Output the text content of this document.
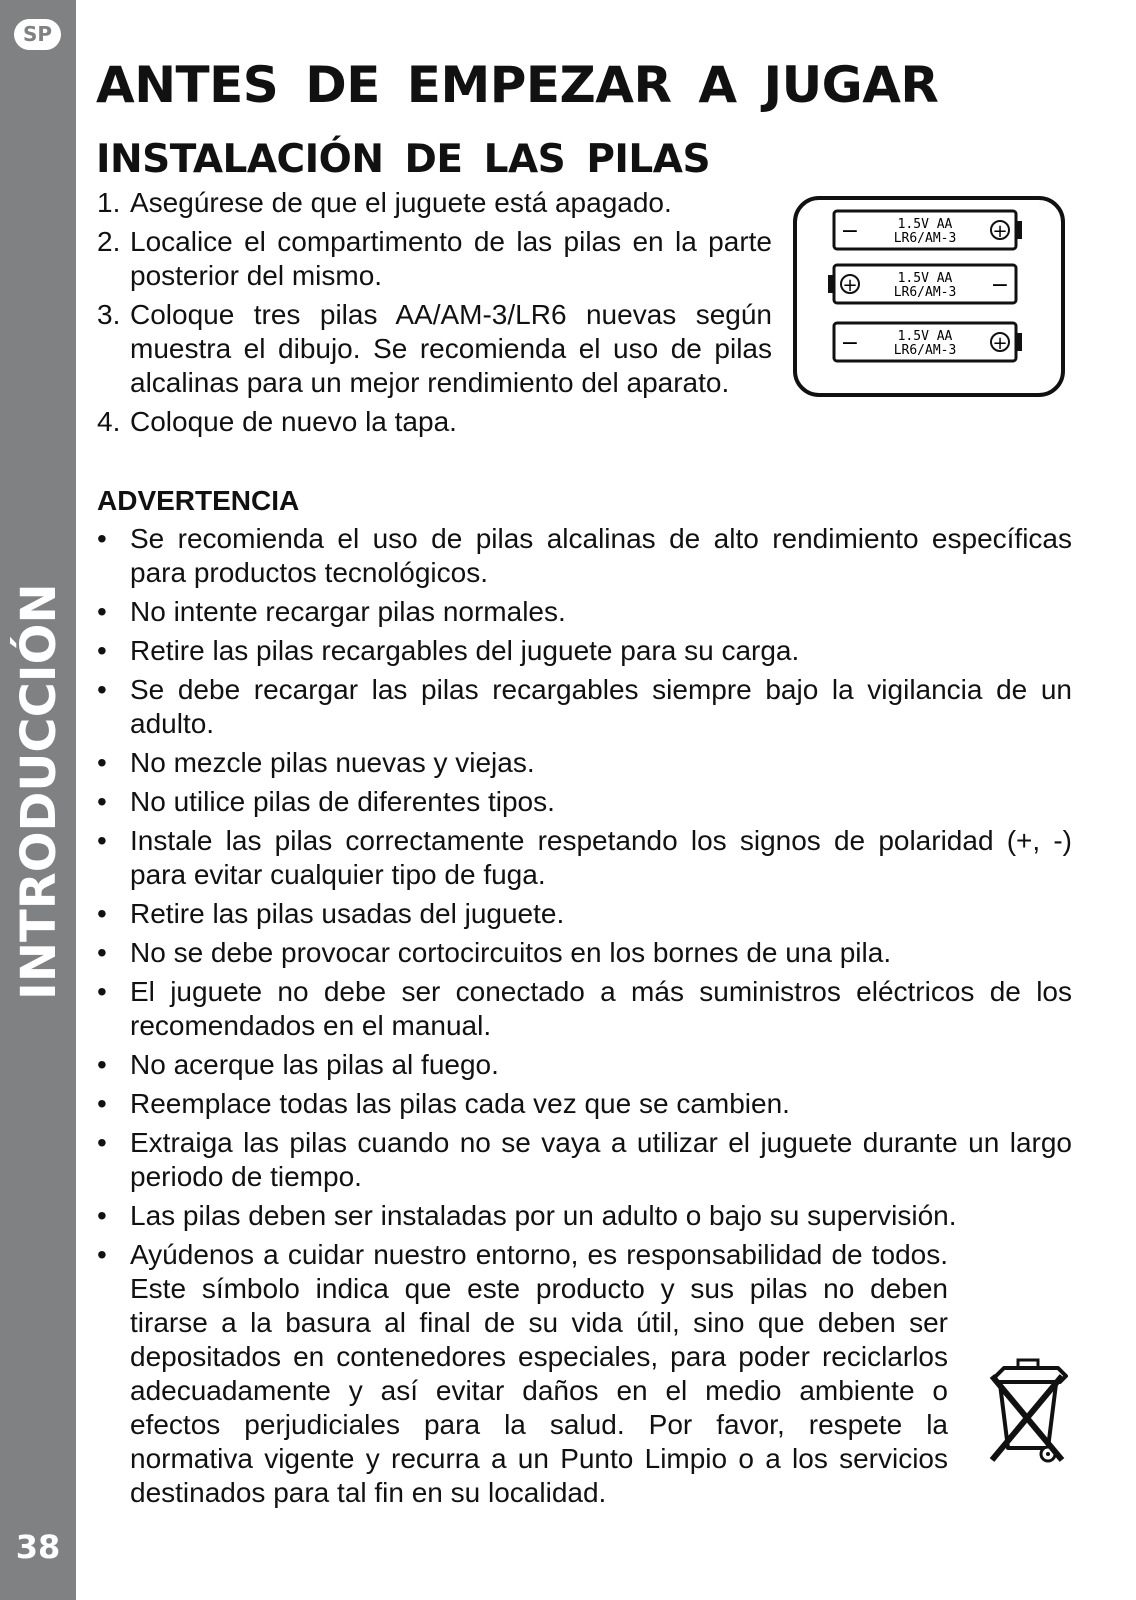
SP
INTRODUCCIÓN
38
ANTES DE EMPEZAR A JUGAR
INSTALACIÓN DE LAS PILAS
1. Asegúrese de que el juguete está apagado.
2. Localice el compartimento de las pilas en la parte posterior del mismo.
3. Coloque tres pilas AA/AM-3/LR6 nuevas según muestra el dibujo. Se recomienda el uso de pilas alcalinas para un mejor rendimiento del aparato.
4. Coloque de nuevo la tapa.
−	+
1.5V AA
LR6/AM-3
+	−
1.5V AA
LR6/AM-3
−	+
1.5V AA
LR6/AM-3
ADVERTENCIA
• Se recomienda el uso de pilas alcalinas de alto rendimiento específicas para productos tecnológicos.
• No intente recargar pilas normales.
• Retire las pilas recargables del juguete para su carga.
• Se debe recargar las pilas recargables siempre bajo la vigilancia de un adulto.
• No mezcle pilas nuevas y viejas.
• No utilice pilas de diferentes tipos.
• Instale las pilas correctamente respetando los signos de polaridad (+, -) para evitar cualquier tipo de fuga.
• Retire las pilas usadas del juguete.
• No se debe provocar cortocircuitos en los bornes de una pila.
• El juguete no debe ser conectado a más suministros eléctricos de los recomendados en el manual.
• No acerque las pilas al fuego.
• Reemplace todas las pilas cada vez que se cambien.
• Extraiga las pilas cuando no se vaya a utilizar el juguete durante un largo periodo de tiempo.
• Las pilas deben ser instaladas por un adulto o bajo su supervisión.
• Ayúdenos a cuidar nuestro entorno, es responsabilidad de todos. Este símbolo indica que este producto y sus pilas no deben tirarse a la basura al final de su vida útil, sino que deben ser depositados en contenedores especiales, para poder reciclarlos adecuadamente y así evitar daños en el medio ambiente o efectos perjudiciales para la salud. Por favor, respete la normativa vigente y recurra a un Punto Limpio o a los servicios destinados para tal fin en su localidad.
